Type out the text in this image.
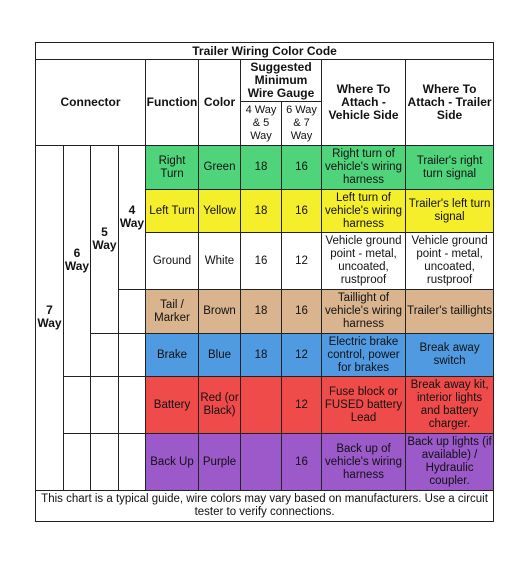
Trailer Wiring Color Code									
Connector				Function	Color	Suggested Minimum Wire Gauge		Where To Attach - Vehicle Side	Where To Attach - Trailer Side
						4 Way & 5 Way	6 Way & 7 Way		
7 Way	6 Way	5 Way	4 Way	Right Turn	Green	18	16	Right turn of vehicle's wiring harness	Trailer's right turn signal
				Left Turn	Yellow	18	16	Left turn of vehicle's wiring harness	Trailer's left turn signal
				Ground	White	16	12	Vehicle ground point - metal, uncoated, rustproof	Vehicle ground point - metal, uncoated, rustproof
				Tail / Marker	Brown	18	16	Taillight of vehicle's wiring harness	Trailer's taillights
				Brake	Blue	18	12	Electric brake control, power for brakes	Break away switch
				Battery	Red (or Black)		12	Fuse block or FUSED battery Lead	Break away kit, interior lights and battery charger.
				Back Up	Purple		16	Back up of vehicle's wiring harness	Back up lights (if available) / Hydraulic coupler.
This chart is a typical guide, wire colors may vary based on manufacturers. Use a circuit tester to verify connections.									
